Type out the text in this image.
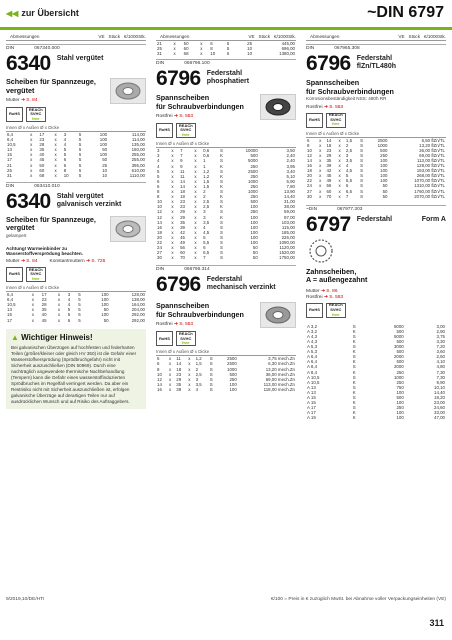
◀◀ zur Übersicht	~DIN 6797
Abmessungen	VE Stück €/1000Stk.
DIN	067340.000
6340 Stahl vergütet
Scheiben für Spannzeuge,
vergütet
Mutter ➜ S. 84
RoHS
REACh
SVHC
free
Innen Ø x Außen Ø x Dicke
6,4	x	17	x	3	5	100	114,00
8,4	x	23	x	4	5	100	114,00
10,5	x	28	x	4	5	100	135,00
13	x	35	x	5	5	50	160,00
15	x	40	x	5	5	100	255,00
17	x	45	x	6	5	50	255,00
21	x	50	x	6	5	25	395,00
25	x	60	x	8	5	10	610,00
31	x	68	x	10	5	10	1110,00
DIN	063410.010
6340 Stahl vergütet
galvanisch verzinkt
Scheiben für Spannzeuge,
vergütet
gelampert
Achtung! Warmeinbinder zu
Wasserstoffversprödung beachten.
Mutter ➜ S. 84	Konstantmuttern ➜ S. 726
RoHS
REACh
SVHC
free
Innen Ø x Außen Ø x Dicke
6,4	x	17	x	3	5	100	128,00
8,4	x	23	x	4	5	100	138,00
10,5	x	28	x	4	5	100	164,00
13	x	35	x	5	5	50	204,00
15	x	40	x	5	5	100	292,00
17	x	45	x	6	5	50	292,00
▲ Wichtiger Hinweis!

Bei galvanischen Überzügen auf hochfesten und federharten Teilen (größer/kleiner oder gleich HV 350) ist die Gefahr einer Wasserstoffversprödung (Sprödbruchgefahr) nicht mit Sicherheit auszuschließen (DIN 50969). Durch eine nachträglich angewendete thermische Nachbehandlung (Tempern) kann die Gefahr eines wasserstoffinduzierten Sprödbruches im Regelfall verringert werden. Da aber ein Restrisiko nicht mit Sicherheit auszuschließen ist, erfolgen galvanische Überzüge auf derartigen Teilen nur auf ausdrücklichen Wunsch und auf Risiko des Auftraggebers.

Abmessungen	VE Stück €/1000Stk.
21	x	50	x	6	5	25	445,00
25	x	60	x	8	5	10	696,00
31	x	68	x	10	5	10	1380,00
DIN	066796.100
6796 Federstahl
phosphatiert
Spannscheiben
für Schraubverbindungen
Rostfrei ➜ S. 553
RoHS
REACh
SVHC
free
Innen Ø x Außen Ø x Dicke
3	x	7	x	0,6	S	10000	3,50
3	x	7	x	0,6	K	500	2,40
4	x	9	x	1	S	5000	2,40
4	x	9	x	1	K	250	3,95
5	x	11	x	1,2	S	2500	3,40
5	x	11	x	1,2	K	250	5,10
6	x	14	x	1,5	S	1000	5,90
6	x	14	x	1,5	K	250	7,80
8	x	18	x	2	S	1000	13,90
8	x	18	x	2	K	250	14,40
10	x	23	x	2,5	S	500	31,00
10	x	23	x	2,5	K	100	38,00
12	x	29	x	3	S	250	59,00
12	x	29	x	3	K	100	97,00
14	x	35	x	3,5	S	100	103,00
16	x	39	x	4	S	100	115,00
18	x	42	x	4,5	S	100	185,00
20	x	45	x	5	S	100	226,00
22	x	49	x	5,5	S	100	1090,00
24	x	56	x	6	S	50	1120,00
27	x	60	x	6,5	S	50	1520,00
30	x	70	x	7	S	50	1750,00
DIN	066796.314
6796 Federstahl
mechanisch verzinkt
Spannscheiben
für Schraubverbindungen
Rostfrei ➜ S. 553
RoHS
REACh
SVHC
free
Innen Ø x Außen Ø x Dicke
5	x	11	x	1,2	S	2500	3,75 mech.Zn
6	x	14	x	1,5	S	2500	6,30 mech.Zn
8	x	18	x	2	S	1000	13,20 mech.Zn
10	x	23	x	2,5	S	500	36,00 mech.Zn
12	x	29	x	3	S	250	69,00 mech.Zn
14	x	35	x	3,5	S	100	113,00 mech.Zn
16	x	39	x	4	S	100	118,00 mech.Zn
Abmessungen	VE Stück €/1000Stk.
DIN	067965.308
6796 Federstahl
flZn/TL480h
Spannscheiben
für Schraubverbindungen
Korrosionsbeständigkeit NSS: 480h RR
Rostfrei ➜ S. 553
RoHS
REACh
SVHC
free
Innen Ø x Außen Ø x Dicke
6	x	14	x	1,5	S	2500	6,50 flZn/TL
8	x	18	x	2	S	1000	13,20 flZn/TL
10	x	23	x	2,5	S	500	36,00 flZn/TL
12	x	29	x	3	S	250	69,00 flZn/TL
14	x	35	x	3,5	S	100	113,00 flZn/TL
16	x	39	x	4	S	100	128,00 flZn/TL
18	x	42	x	4,5	S	100	193,00 flZn/TL
20	x	45	x	5	S	100	268,00 flZn/TL
22	x	49	x	5,5	S	100	1070,00 flZn/TL
24	x	56	x	6	S	50	1310,00 flZn/TL
27	x	60	x	6,5	S	50	1760,00 flZn/TL
30	x	70	x	7	S	50	2070,00 flZn/TL
~DIN	067977.303
6797 Federstahl	Form A
Zahnscheiben,
A = außengezahnt
Mutter ➜ S. 86
Rostfrei ➜ S. 553
RoHS
REACh
SVHC
free
A 3,2	S	5000	3,00
A 3,2	K	500	2,90
A 4,3	S	5000	3,75
A 4,3	K	500	3,30
A 5,3	S	3000	7,20
A 5,3	K	500	3,60
A 6,4	S	2000	2,60
A 6,4	K	500	4,10
A 8,4	S	2000	4,80
A 8,4	K	250	7,30
A 10,5	S	1000	7,30
A 10,5	K	250	9,90
A 13	S	750	10,10
A 13	K	100	14,40
A 15	S	500	18,20
A 15	K	100	23,00
A 17	S	250	24,60
A 17	K	100	33,00
A 19	K	100	47,00
9/2019,10/DE/HTI	€/100 = Preis in € zuzüglich MwSt. bei Abnahme voller Verpackungseinheiten (VE)
311
